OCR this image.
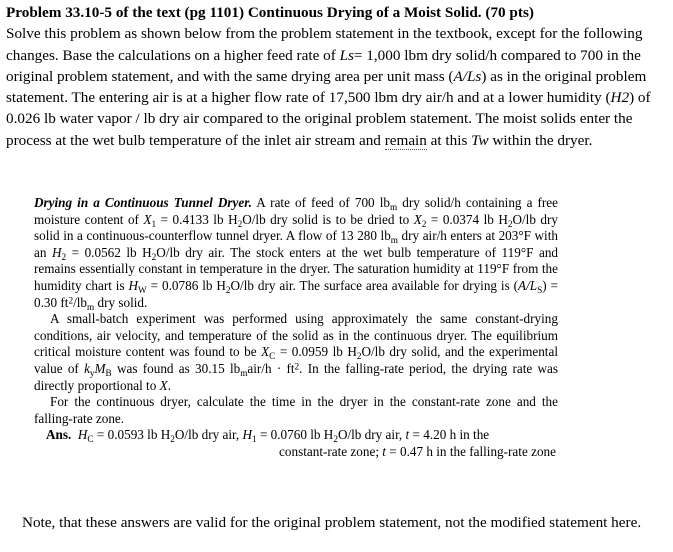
Problem 33.10-5 of the text (pg 1101) Continuous Drying of a Moist Solid. (70 pts)

Solve this problem as shown below from the problem statement in the textbook, except for the following changes. Base the calculations on a higher feed rate of Ls= 1,000 lbm dry solid/h compared to 700 in the original problem statement, and with the same drying area per unit mass (A/Ls) as in the original problem statement. The entering air is at a higher flow rate of 17,500 lbm dry air/h and at a lower humidity (H2) of 0.026 lb water vapor / lb dry air compared to the original problem statement. The moist solids enter the process at the wet bulb temperature of the inlet air stream and remain at this Tw within the dryer.

Drying in a Continuous Tunnel Dryer. A rate of feed of 700 $lb_m$ dry solid/h containing a free moisture content of $X_1 = 0.4133$ lb $H_2O/lb$ dry solid is to be dried to $X_2 = 0.0374$ lb $H_2O/lb$ dry solid in a continuous-counterflow tunnel dryer. A flow of 13 280 $lb_m$ dry air/h enters at 203°F with an $H_2 = 0.0562$ lb $H_2O/lb$ dry air. The stock enters at the wet bulb temperature of 119°F and remains essentially constant in temperature in the dryer. The saturation humidity at 119°F from the humidity chart is $H_W = 0.0786$ lb $H_2O/lb$ dry air. The surface area available for drying is $(A/L_S) = 0.30$ $ft^2/lb_m$ dry solid.

A small-batch experiment was performed using approximately the same constant-drying conditions, air velocity, and temperature of the solid as in the continuous dryer. The equilibrium critical moisture content was found to be $X_C = 0.0959$ lb $H_2O/lb$ dry solid, and the experimental value of $k_yM_B$ was found as 30.15 $lb_mair/h \cdot ft^2$. In the falling-rate period, the drying rate was directly proportional to X.

For the continuous dryer, calculate the time in the dryer in the constant-rate zone and the falling-rate zone.

Ans. $H_C = 0.0593$ lb $H_2O/lb$ dry air, $H_1 = 0.0760$ lb $H_2O/lb$ dry air, t = 4.20 h in the

constant-rate zone; t = 0.47 h in the falling-rate zone

Note, that these answers are valid for the original problem statement, not the modified statement here.
